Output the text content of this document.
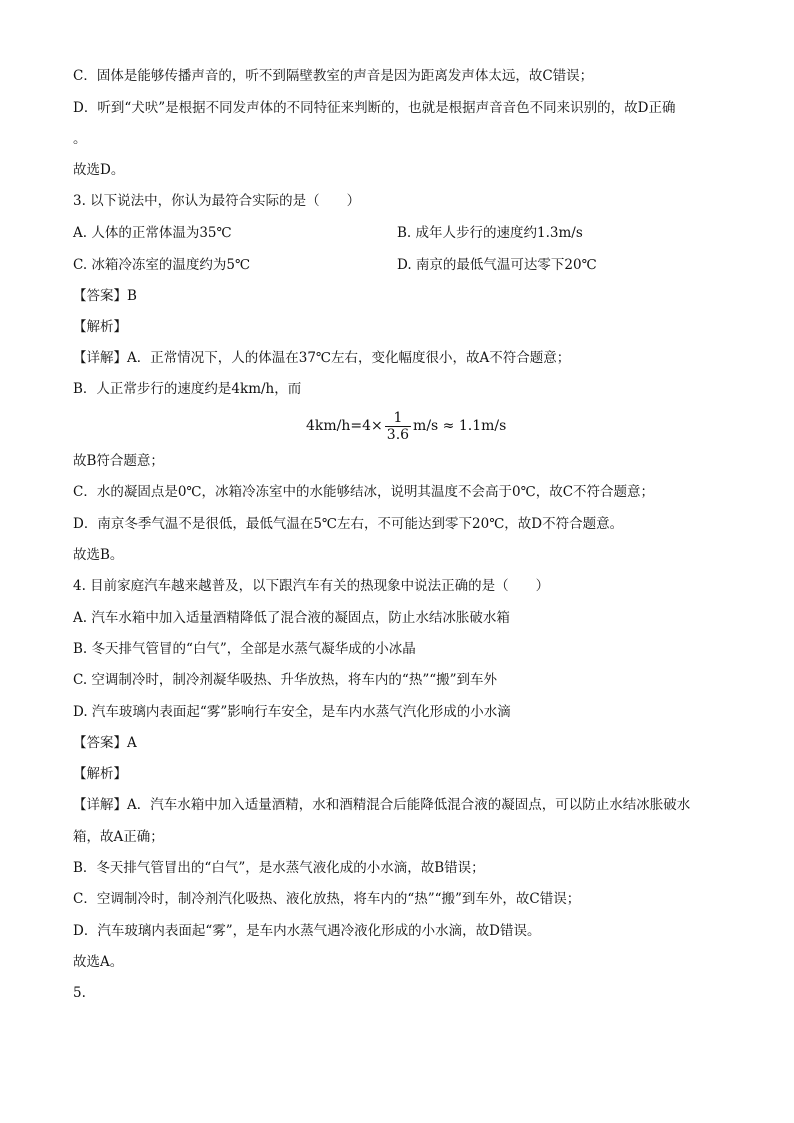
C．固体是能够传播声音的，听不到隔壁教室的声音是因为距离发声体太远，故C错误；
D．听到“犬吠”是根据不同发声体的不同特征来判断的，也就是根据声音音色不同来识别的，故D正确
。
故选D。
3. 以下说法中，你认为最符合实际的是（　　）
A. 人体的正常体温为35℃	B. 成年人步行的速度约1.3m/s
C. 冰箱冷冻室的温度约为5℃	D. 南京的最低气温可达零下20℃
【答案】B
【解析】
【详解】A．正常情况下，人的体温在37℃左右，变化幅度很小，故A不符合题意；
B．人正常步行的速度约是4km/h，而
$4km/h=4 \times \frac{1}{3.6} m/s \approx 1.1m/s$
故B符合题意；
C．水的凝固点是0℃，冰箱冷冻室中的水能够结冰，说明其温度不会高于0℃，故C不符合题意；
D．南京冬季气温不是很低，最低气温在5℃左右，不可能达到零下20℃，故D不符合题意。
故选B。
4. 目前家庭汽车越来越普及，以下跟汽车有关的热现象中说法正确的是（　　）
A. 汽车水箱中加入适量酒精降低了混合液的凝固点，防止水结冰胀破水箱
B. 冬天排气管冒的“白气”，全部是水蒸气凝华成的小冰晶
C. 空调制冷时，制冷剂凝华吸热、升华放热，将车内的“热”“搬”到车外
D. 汽车玻璃内表面起“雾”影响行车安全，是车内水蒸气汽化形成的小水滴
【答案】A
【解析】
【详解】A．汽车水箱中加入适量酒精，水和酒精混合后能降低混合液的凝固点，可以防止水结冰胀破水
箱，故A正确；
B．冬天排气管冒出的“白气”，是水蒸气液化成的小水滴，故B错误；
C．空调制冷时，制冷剂汽化吸热、液化放热，将车内的“热”“搬”到车外，故C错误；
D．汽车玻璃内表面起“雾”，是车内水蒸气遇冷液化形成的小水滴，故D错误。
故选A。
5.
